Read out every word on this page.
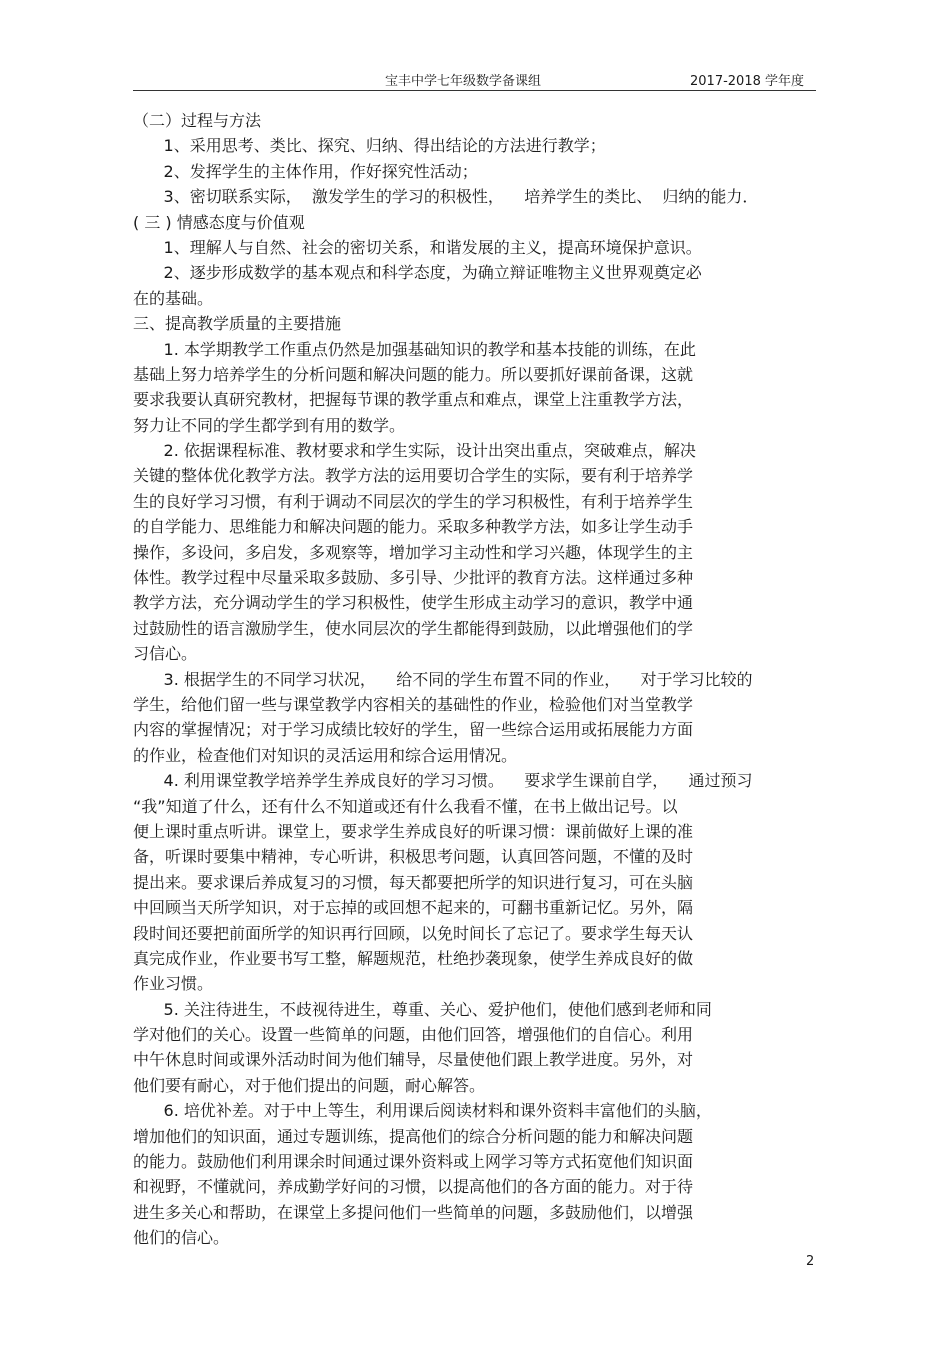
宝丰中学七年级数学备课组	2017-2018 学年度
（二）过程与方法
1、采用思考、类比、探究、归纳、得出结论的方法进行教学；
2、发挥学生的主体作用，作好探究性活动；
3、密切联系实际，  激发学生的学习的积极性，    培养学生的类比、  归纳的能力．
( 三 ) 情感态度与价值观
1、理解人与自然、社会的密切关系，和谐发展的主义，提高环境保护意识。
2、逐步形成数学的基本观点和科学态度，为确立辩证唯物主义世界观奠定必
在的基础。
三、提高教学质量的主要措施
1. 本学期教学工作重点仍然是加强基础知识的教学和基本技能的训练，在此
基础上努力培养学生的分析问题和解决问题的能力。所以要抓好课前备课，这就
要求我要认真研究教材，把握每节课的教学重点和难点，课堂上注重教学方法，
努力让不同的学生都学到有用的数学。
2. 依据课程标准、教材要求和学生实际，设计出突出重点，突破难点，解决
关键的整体优化教学方法。教学方法的运用要切合学生的实际，要有利于培养学
生的良好学习习惯，有利于调动不同层次的学生的学习积极性，有利于培养学生
的自学能力、思维能力和解决问题的能力。采取多种教学方法，如多让学生动手
操作，多设问，多启发，多观察等，增加学习主动性和学习兴趣，体现学生的主
体性。教学过程中尽量采取多鼓励、多引导、少批评的教育方法。这样通过多种
教学方法，充分调动学生的学习积极性，使学生形成主动学习的意识，教学中通
过鼓励性的语言激励学生，使水同层次的学生都能得到鼓励，以此增强他们的学
习信心。
3. 根据学生的不同学习状况，    给不同的学生布置不同的作业，    对于学习比较的
学生，给他们留一些与课堂教学内容相关的基础性的作业，检验他们对当堂教学
内容的掌握情况；对于学习成绩比较好的学生，留一些综合运用或拓展能力方面
的作业，检查他们对知识的灵活运用和综合运用情况。
4. 利用课堂教学培养学生养成良好的学习习惯。    要求学生课前自学，    通过预习
“我”知道了什么，还有什么不知道或还有什么我看不懂，在书上做出记号。以
便上课时重点听讲。课堂上，要求学生养成良好的听课习惯：课前做好上课的准
备，听课时要集中精神，专心听讲，积极思考问题，认真回答问题，不懂的及时
提出来。要求课后养成复习的习惯，每天都要把所学的知识进行复习，可在头脑
中回顾当天所学知识，对于忘掉的或回想不起来的，可翻书重新记忆。另外，隔
段时间还要把前面所学的知识再行回顾，以免时间长了忘记了。要求学生每天认
真完成作业，作业要书写工整，解题规范，杜绝抄袭现象，使学生养成良好的做
作业习惯。
5. 关注待进生，不歧视待进生，尊重、关心、爱护他们，使他们感到老师和同
学对他们的关心。设置一些简单的问题，由他们回答，增强他们的自信心。利用
中午休息时间或课外活动时间为他们辅导，尽量使他们跟上教学进度。另外，对
他们要有耐心，对于他们提出的问题，耐心解答。
6. 培优补差。对于中上等生，利用课后阅读材料和课外资料丰富他们的头脑，
增加他们的知识面，通过专题训练，提高他们的综合分析问题的能力和解决问题
的能力。鼓励他们利用课余时间通过课外资料或上网学习等方式拓宽他们知识面
和视野，不懂就问，养成勤学好问的习惯，以提高他们的各方面的能力。对于待
进生多关心和帮助，在课堂上多提问他们一些简单的问题，多鼓励他们，以增强
他们的信心。
2
